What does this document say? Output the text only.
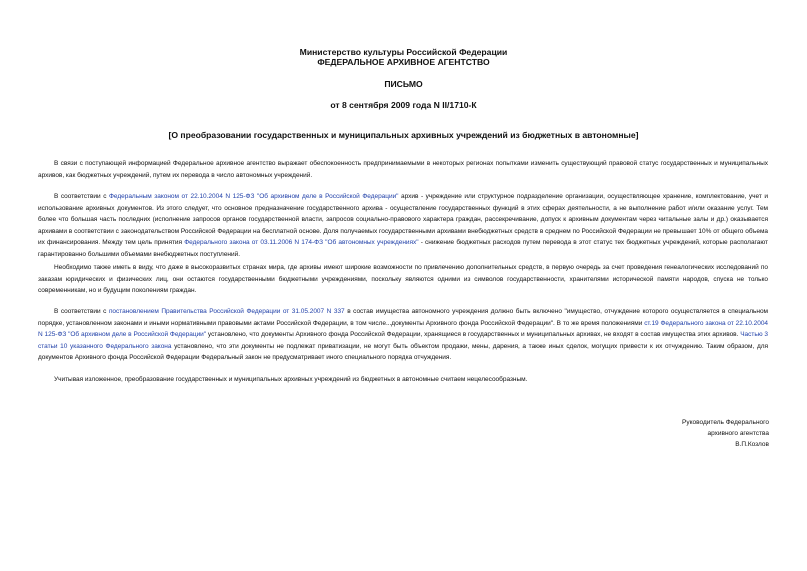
Министерство культуры Российской Федерации

ФЕДЕРАЛЬНОЕ АРХИВНОЕ АГЕНТСТВО

ПИСЬМО

от 8 сентября 2009 года N II/1710-К

[О преобразовании государственных и муниципальных архивных учреждений из бюджетных в автономные]

В связи с поступающей информацией Федеральное архивное агентство выражает обеспокоенность предпринимаемыми в некоторых регионах попытками изменить существующий правовой статус государственных и муниципальных архивов, как бюджетных учреждений, путем их перевода в число автономных учреждений.

В соответствии с Федеральным законом от 22.10.2004 N 125-ФЗ "Об архивном деле в Российской Федерации" архив - учреждение или структурное подразделение организации, осуществляющее хранение, комплектование, учет и использование архивных документов. Из этого следует, что основное предназначение государственного архива - осуществление государственных функций в этих сферах деятельности, а не выполнение работ и/или оказание услуг. Тем более что большая часть последних (исполнение запросов органов государственной власти, запросов социально-правового характера граждан, рассекречивание, допуск к архивным документам через читальные залы и др.) оказывается архивами в соответствии с законодательством Российской Федерации на бесплатной основе. Доля получаемых государственными архивами внебюджетных средств в среднем по Российской Федерации не превышает 10% от общего объема их финансирования. Между тем цель принятия Федерального закона от 03.11.2006 N 174-ФЗ "Об автономных учреждениях" - снижение бюджетных расходов путем перевода в этот статус тех бюджетных учреждений, которые располагают гарантированно большими объемами внебюджетных поступлений.

Необходимо также иметь в виду, что даже в высокоразвитых странах мира, где архивы имеют широкие возможности по привлечению дополнительных средств, в первую очередь за счет проведения генеалогических исследований по заказам юридических и физических лиц, они остаются государственными бюджетными учреждениями, поскольку являются одними из символов государственности, хранителями исторической памяти народов, спуска не только современникам, но и будущим поколениям граждан.

В соответствии с постановлением Правительства Российской Федерации от 31.05.2007 N 337 в состав имущества автономного учреждения должно быть включено "имущество, отчуждение которого осуществляется в специальном порядке, установленном законами и иными нормативными правовыми актами Российской Федерации, в том числе...документы Архивного фонда Российской Федерации". В то же время положениями ст.19 Федерального закона от 22.10.2004 N 125-ФЗ "Об архивном деле в Российской Федерации" установлено, что документы Архивного фонда Российской Федерации, хранящиеся в государственных и муниципальных архивах, не входят в состав имущества этих архивов. Частью 3 статьи 10 указанного Федерального закона установлено, что эти документы не подлежат приватизации, не могут быть объектом продажи, мены, дарения, а также иных сделок, могущих привести к их отчуждению. Таким образом, для документов Архивного фонда Российской Федерации Федеральный закон не предусматривает иного специального порядка отчуждения.

Учитывая изложенное, преобразование государственных и муниципальных архивных учреждений из бюджетных в автономные считаем нецелесообразным.

Руководитель Федерального

архивного агентства

В.П.Козлов
